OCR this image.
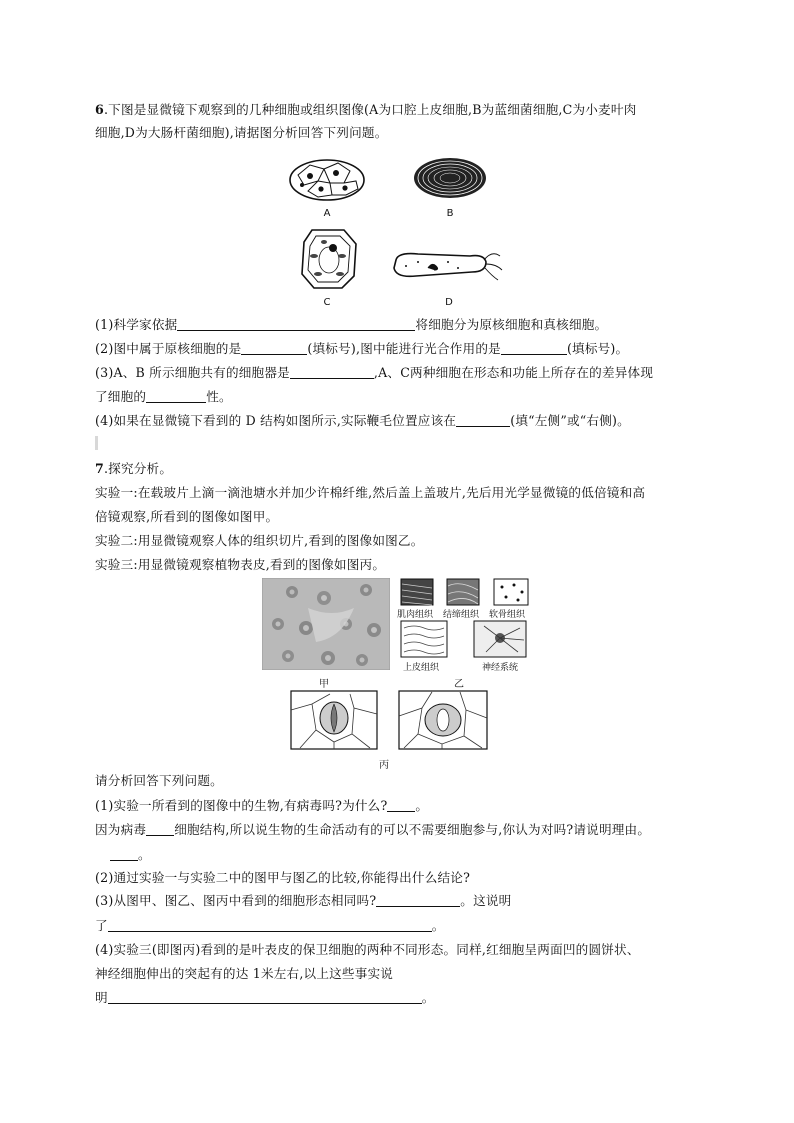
6.下图是显微镜下观察到的几种细胞或组织图像(A为口腔上皮细胞,B为蓝细菌细胞,C为小麦叶肉
细胞,D为大肠杆菌细胞),请据图分析回答下列问题。
A	B
C	D
(1)科学家依据	将细胞分为原核细胞和真核细胞。
(2)图中属于原核细胞的是	(填标号),图中能进行光合作用的是	(填标号)。
(3)A、B 所示细胞共有的细胞器是	,A、C两种细胞在形态和功能上所存在的差异体现
了细胞的	性。
(4)如果在显微镜下看到的 D 结构如图所示,实际鞭毛位置应该在	(填“左侧”或“右侧)。
7.探究分析。
实验一:在载玻片上滴一滴池塘水并加少许棉纤维,然后盖上盖玻片,先后用光学显微镜的低倍镜和高
倍镜观察,所看到的图像如图甲。
实验二:用显微镜观察人体的组织切片,看到的图像如图乙。
实验三:用显微镜观察植物表皮,看到的图像如图丙。
甲
肌肉组织 结缔组织 软骨组织
上皮组织	神经系统
乙
丙
请分析回答下列问题。
(1)实验一所看到的图像中的生物,有病毒吗?为什么? 。
因为病毒 细胞结构,所以说生物的生命活动有的可以不需要细胞参与,你认为对吗?请说明理由。
。
(2)通过实验一与实验二中的图甲与图乙的比较,你能得出什么结论?
(3)从图甲、图乙、图丙中看到的细胞形态相同吗?	。这说明
了	。
(4)实验三(即图丙)看到的是叶表皮的保卫细胞的两种不同形态。同样,红细胞呈两面凹的圆饼状、
神经细胞伸出的突起有的达 1米左右,以上这些事实说
明	。
